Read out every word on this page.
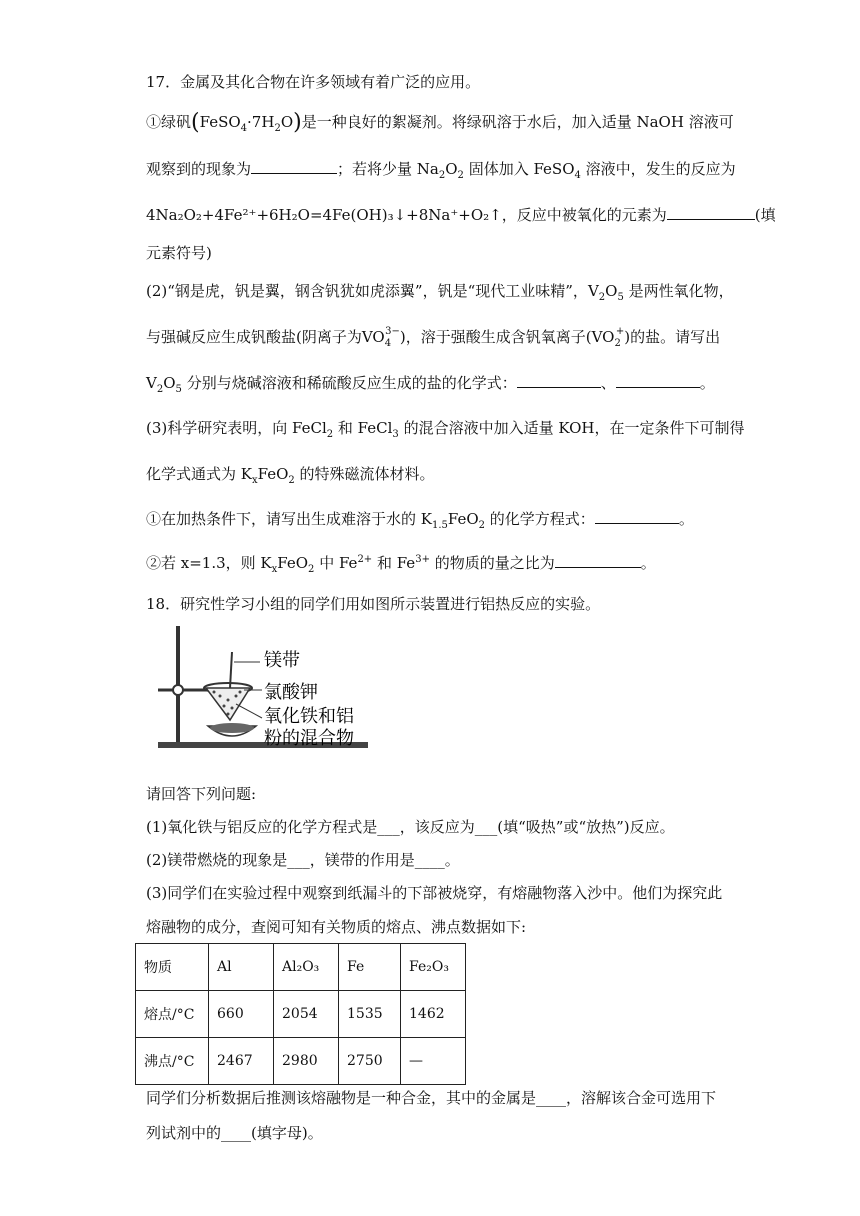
17．金属及其化合物在许多领域有着广泛的应用。
①绿矾$(FeSO_4\cdot 7H_2O)$是一种良好的絮凝剂。将绿矾溶于水后，加入适量 NaOH 溶液可
观察到的现象为	；若将少量 $Na_2O_2$ 固体加入 FeSO$_4$ 溶液中，发生的反应为
4Na₂O₂+4Fe²⁺+6H₂O=4Fe(OH)₃↓+8Na⁺+O₂↑，反应中被氧化的元素为	(填
元素符号)
(2)“钢是虎，钒是翼，钢含钒犹如虎添翼”，钒是“现代工业味精”，$V_2O_5$ 是两性氧化物，
与强碱反应生成钒酸盐(阴离子为$VO_4^{3-}$)，溶于强酸生成含钒氧离子$(VO_2^+)$的盐。请写出
$V_2O_5$ 分别与烧碱溶液和稀硫酸反应生成的盐的化学式：	、	。
(3)科学研究表明，向 FeCl$_2$ 和 FeCl$_3$ 的混合溶液中加入适量 KOH，在一定条件下可制得
化学式通式为 $K_xFeO_2$ 的特殊磁流体材料。
①在加热条件下，请写出生成难溶于水的 $K_{1.5}FeO_2$ 的化学方程式：	。
②若 x=1.3，则 $K_xFeO_2$ 中 $Fe^{2+}$ 和 $Fe^{3+}$ 的物质的量之比为	。
18．研究性学习小组的同学们用如图所示装置进行铝热反应的实验。
镁带
氯酸钾
氧化铁和铝
粉的混合物
请回答下列问题:
(1)氧化铁与铝反应的化学方程式是___，该反应为___(填“吸热”或“放热”)反应。
(2)镁带燃烧的现象是___，镁带的作用是____。
(3)同学们在实验过程中观察到纸漏斗的下部被烧穿，有熔融物落入沙中。他们为探究此
熔融物的成分，查阅可知有关物质的熔点、沸点数据如下:
物质	Al	Al₂O₃	Fe	Fe₂O₃
熔点/°C	660	2054	1535	1462
沸点/°C	2467	2980	2750	—
同学们分析数据后推测该熔融物是一种合金，其中的金属是____，溶解该合金可选用下
列试剂中的____(填字母)。
